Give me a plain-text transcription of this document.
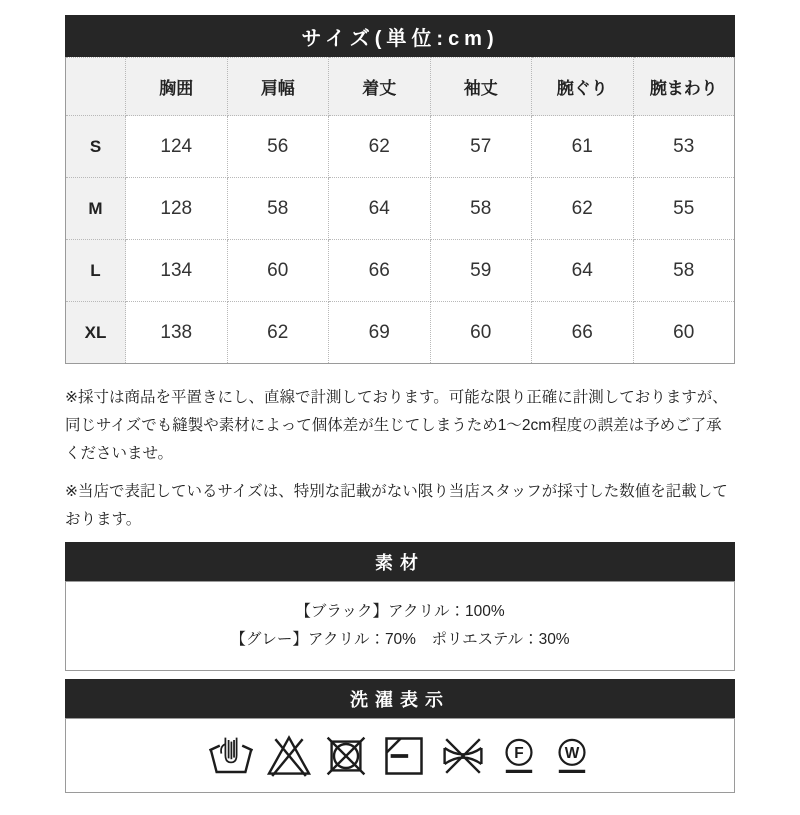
サイズ(単位:cm)
	胸囲	肩幅	着丈	袖丈	腕ぐり	腕まわり
S	124	56	62	57	61	53
M	128	58	64	58	62	55
L	134	60	66	59	64	58
XL	138	62	69	60	66	60

※採寸は商品を平置きにし、直線で計測しております。可能な限り正確に計測しておりますが、同じサイズでも縫製や素材によって個体差が生じてしまうため1～2cm程度の誤差は予めご了承くださいませ。

※当店で表記しているサイズは、特別な記載がない限り当店スタッフが採寸した数値を記載しております。

素材
【ブラック】アクリル：100%
【グレー】アクリル：70%　ポリエステル：30%
洗濯表示
F W
